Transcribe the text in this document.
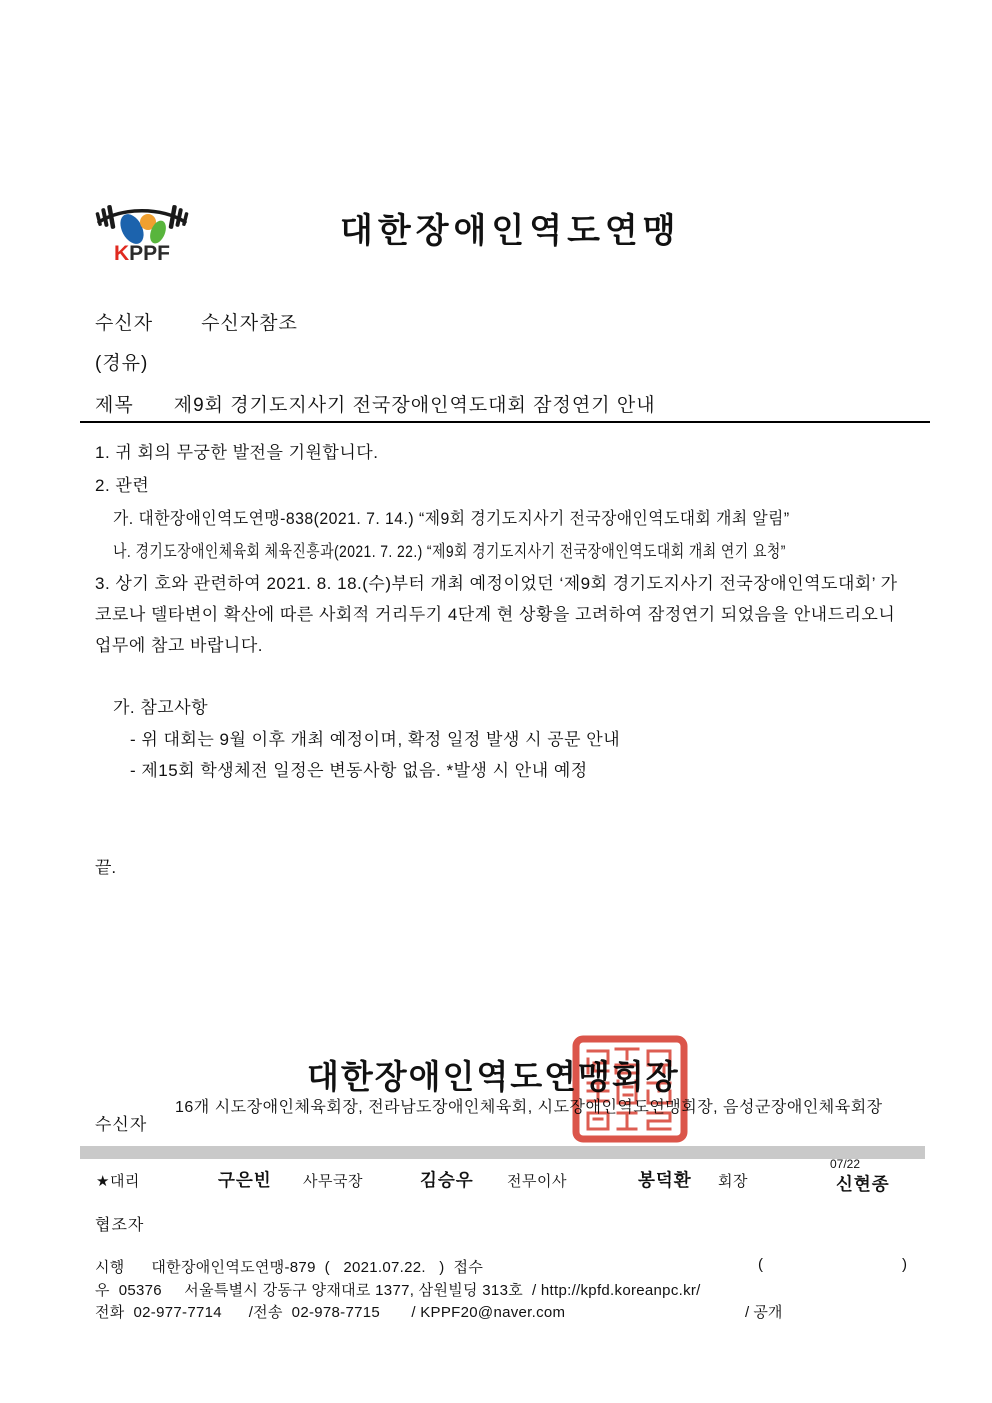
KPPF
대한장애인역도연맹
수신자	수신자참조
(경유)
제목 제9회 경기도지사기 전국장애인역도대회 잠정연기 안내
1. 귀 회의 무궁한 발전을 기원합니다.
2. 관련
가. 대한장애인역도연맹-838(2021. 7. 14.) “제9회 경기도지사기 전국장애인역도대회 개최 알림”
나. 경기도장애인체육회 체육진흥과(2021. 7. 22.) “제9회 경기도지사기 전국장애인역도대회 개최 연기 요청”
3. 상기 호와 관련하여 2021. 8. 18.(수)부터 개최 예정이었던 ‘제9회 경기도지사기 전국장애인역도대회’ 가 코로나 델타변이 확산에 따른 사회적 거리두기 4단계 현 상황을 고려하여 잠정연기 되었음을 안내드리오니 업무에 참고 바랍니다.
가. 참고사항
- 위 대회는 9월 이후 개최 예정이며, 확정 일정 발생 시 공문 안내
- 제15회 학생체전 일정은 변동사항 없음. *발생 시 안내 예정
끝.
대한장애인역도연맹회장
수신자
16개 시도장애인체육회장, 전라남도장애인체육회, 시도장애인역도연맹회장, 음성군장애인체육회장
★대리	구은빈 사무국장	김승우 전무이사	봉덕환 회장
07/22
신현종
협조자
시행      대한장애인역도연맹-879  (   2021.07.22.   )  접수	(	)
우  05376     서울특별시 강동구 양재대로 1377, 삼원빌딩 313호  / http://kpfd.koreanpc.kr/
전화  02-977-7714      /전송  02-978-7715       / KPPF20@naver.com	/ 공개
